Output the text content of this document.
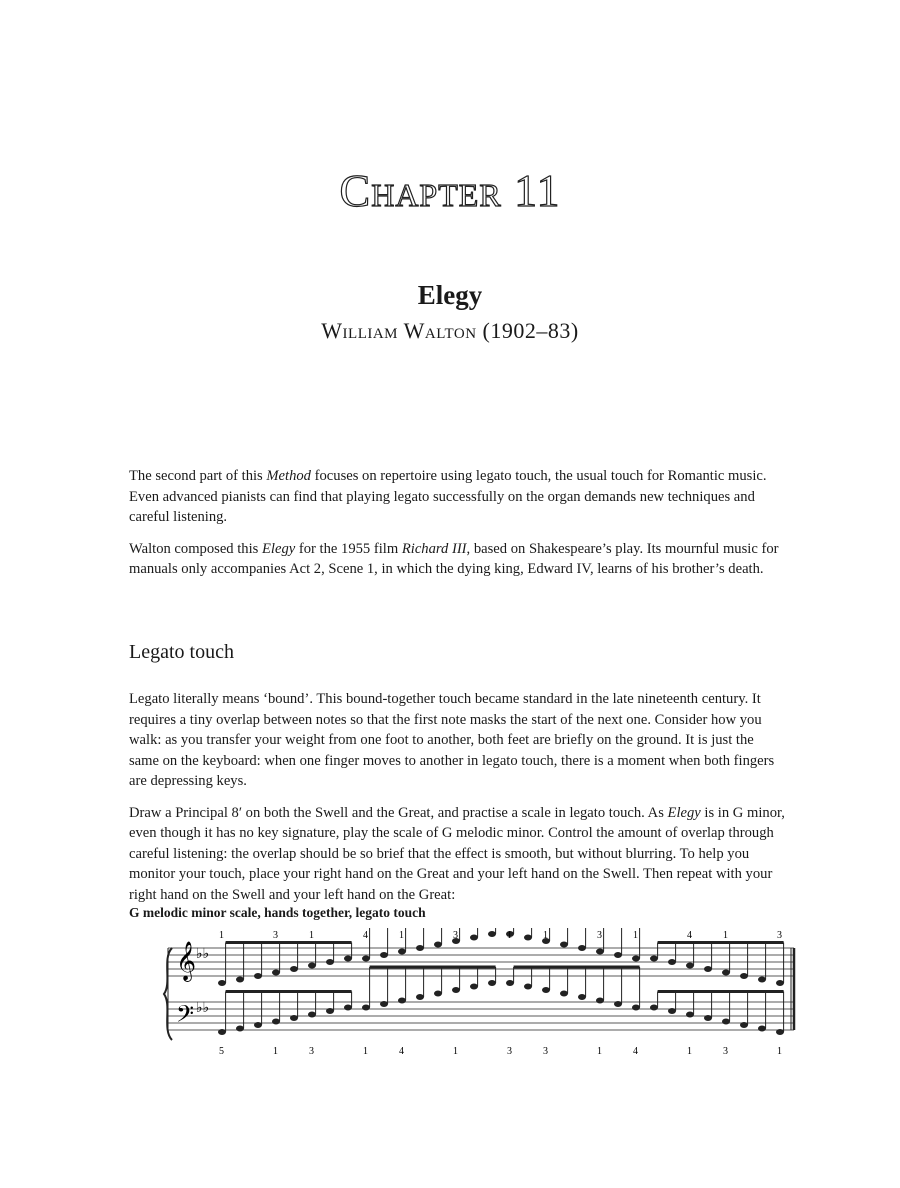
Chapter 11
Elegy
William Walton (1902–83)

The second part of this Method focuses on repertoire using legato touch, the usual touch for Romantic music. Even advanced pianists can find that playing legato successfully on the organ demands new techniques and careful listening.

Walton composed this Elegy for the 1955 film Richard III, based on Shakespeare’s play. Its mournful music for manuals only accompanies Act 2, Scene 1, in which the dying king, Edward IV, learns of his brother’s death.

Legato touch

Legato literally means ‘bound’. This bound-together touch became standard in the late nineteenth century. It requires a tiny overlap between notes so that the first note masks the start of the next one. Consider how you walk: as you transfer your weight from one foot to another, both feet are briefly on the ground. It is just the same on the keyboard: when one finger moves to another in legato touch, there is a moment when both fingers are depressing keys.

Draw a Principal 8′ on both the Swell and the Great, and practise a scale in legato touch. As Elegy is in G minor, even though it has no key signature, play the scale of G melodic minor. Control the amount of overlap through careful listening: the overlap should be so brief that the effect is smooth, but without blurring. To help you monitor your touch, place your right hand on the Great and your left hand on the Swell. Then repeat with your right hand on the Swell and your left hand on the Great:

G melodic minor scale, hands together, legato touch
𝄞
𝄢
♭♭
♭♭
1	3	1	4	1	3	1	1	3	1	4	1	3
5	1	3	1	4	1	3	3	1	4	1	3	1
